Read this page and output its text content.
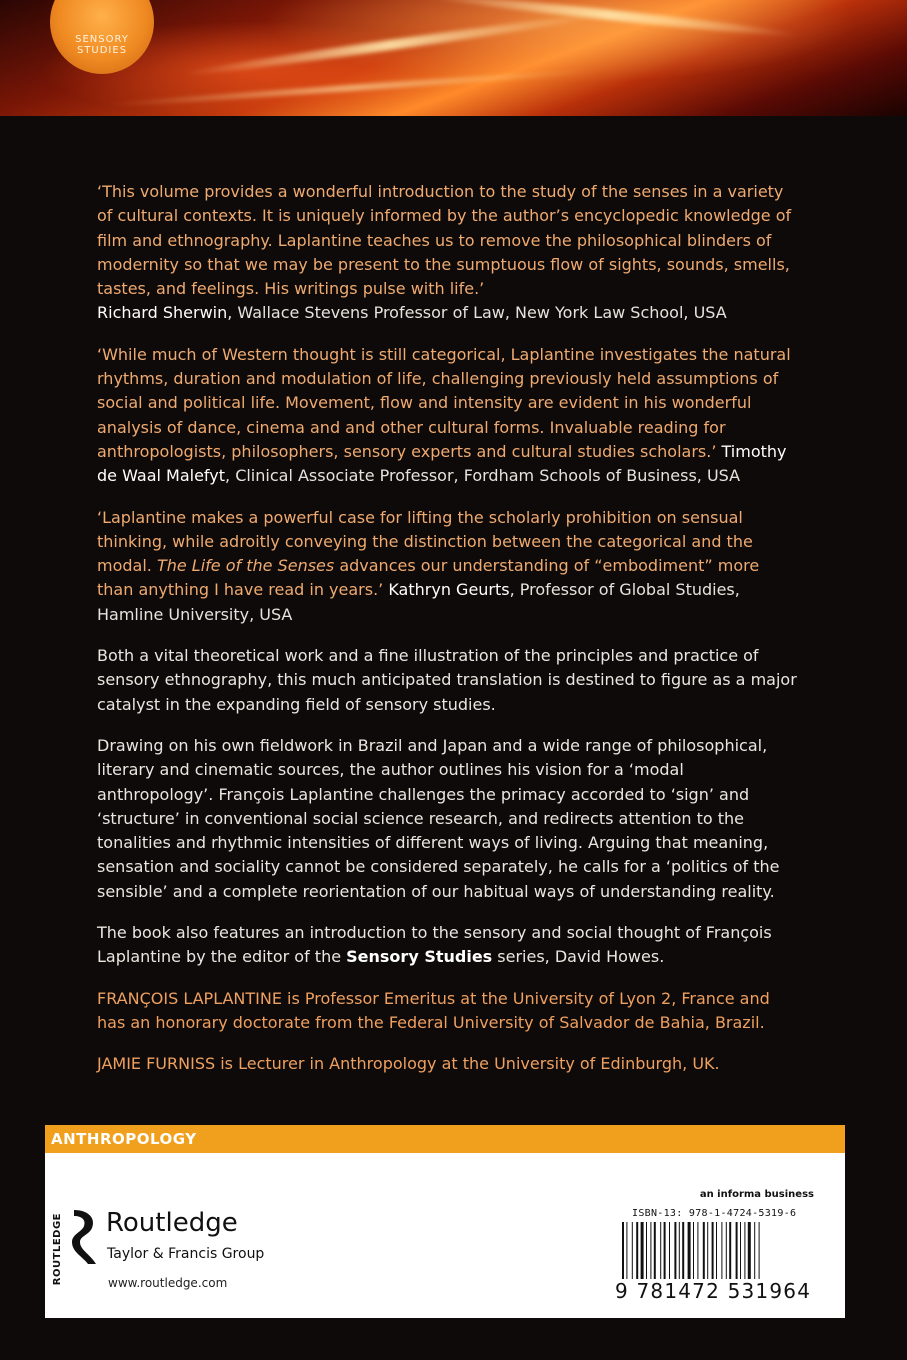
SENSORY
STUDIES

‘This volume provides a wonderful introduction to the study of the senses in a variety of cultural contexts. It is uniquely informed by the author’s encyclopedic knowledge of film and ethnography. Laplantine teaches us to remove the philosophical blinders of modernity so that we may be present to the sumptuous flow of sights, sounds, smells, tastes, and feelings. His writings pulse with life.’
Richard Sherwin, Wallace Stevens Professor of Law, New York Law School, USA

‘While much of Western thought is still categorical, Laplantine investigates the natural rhythms, duration and modulation of life, challenging previously held assumptions of social and political life. Movement, flow and intensity are evident in his wonderful analysis of dance, cinema and and other cultural forms. Invaluable reading for anthropologists, philosophers, sensory experts and cultural studies scholars.’ Timothy de Waal Malefyt, Clinical Associate Professor, Fordham Schools of Business, USA

‘Laplantine makes a powerful case for lifting the scholarly prohibition on sensual thinking, while adroitly conveying the distinction between the categorical and the modal. The Life of the Senses advances our understanding of “embodiment” more than anything I have read in years.’ Kathryn Geurts, Professor of Global Studies, Hamline University, USA

Both a vital theoretical work and a fine illustration of the principles and practice of sensory ethnography, this much anticipated translation is destined to figure as a major catalyst in the expanding field of sensory studies.

Drawing on his own fieldwork in Brazil and Japan and a wide range of philosophical, literary and cinematic sources, the author outlines his vision for a ‘modal anthropology’. François Laplantine challenges the primacy accorded to ‘sign’ and ‘structure’ in conventional social science research, and redirects attention to the tonalities and rhythmic intensities of different ways of living. Arguing that meaning, sensation and sociality cannot be considered separately, he calls for a ‘politics of the sensible’ and a complete reorientation of our habitual ways of understanding reality.

The book also features an introduction to the sensory and social thought of François Laplantine by the editor of the Sensory Studies series, David Howes.

FRANÇOIS LAPLANTINE is Professor Emeritus at the University of Lyon 2, France and has an honorary doctorate from the Federal University of Salvador de Bahia, Brazil.

JAMIE FURNISS is Lecturer in Anthropology at the University of Edinburgh, UK.

ANTHROPOLOGY
ROUTLEDGE Routledge
Taylor & Francis Group
www.routledge.com
an informa business
ISBN-13: 978-1-4724-5319-6
9 781472 531964
